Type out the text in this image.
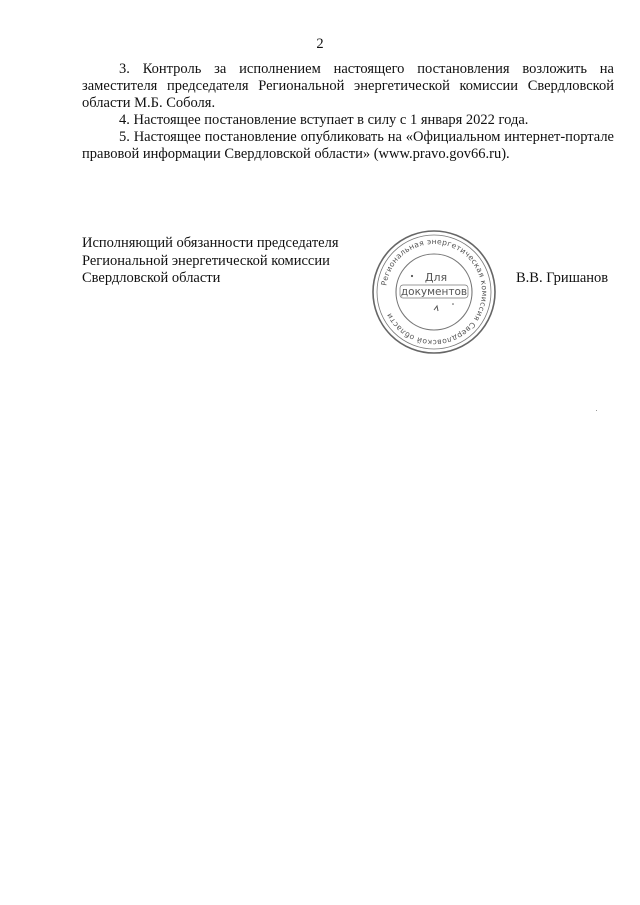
2

3. Контроль за исполнением настоящего постановления возложить на заместителя председателя Региональной энергетической комиссии Свердловской области М.Б. Соболя.

4. Настоящее постановление вступает в силу с 1 января 2022 года.

5. Настоящее постановление опубликовать на «Официальном интернет-портале правовой информации Свердловской области» (www.pravo.gov66.ru).

Исполняющий обязанности председателя
Региональной энергетической комиссии
Свердловской области	Региональная энергетическая комиссия Свердловской области
Для
документов
В.В. Гришанов
